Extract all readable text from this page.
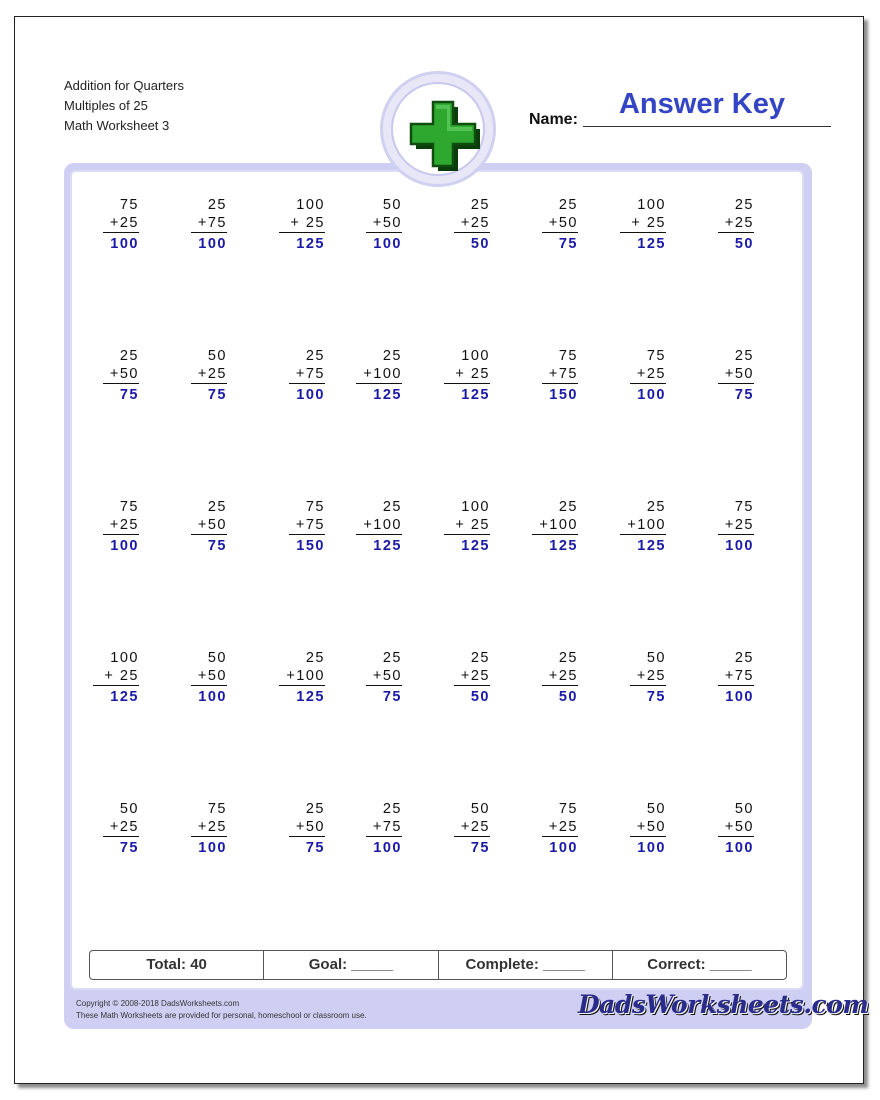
Addition for Quarters
Multiples of 25
Math Worksheet 3	Name:	Answer Key
75
+25
100
25
+75
100
100
+ 25
125
50
+50
100
25
+25
50
25
+50
75
100
+ 25
125
25
+25
50
25
+50
75
50
+25
75
25
+75
100
25
+100
125
100
+ 25
125
75
+75
150
75
+25
100
25
+50
75
75
+25
100
25
+50
75
75
+75
150
25
+100
125
100
+ 25
125
25
+100
125
25
+100
125
75
+25
100
100
+ 25
125
50
+50
100
25
+100
125
25
+50
75
25
+25
50
25
+25
50
50
+25
75
25
+75
100
50
+25
75
75
+25
100
25
+50
75
25
+75
100
50
+25
75
75
+25
100
50
+50
100
50
+50
100
Total: 40	Goal: _____	Complete: _____	Correct: _____
Copyright © 2008-2018 DadsWorksheets.com
These Math Worksheets are provided for personal, homeschool or classroom use.	DadsWorksheets.com
